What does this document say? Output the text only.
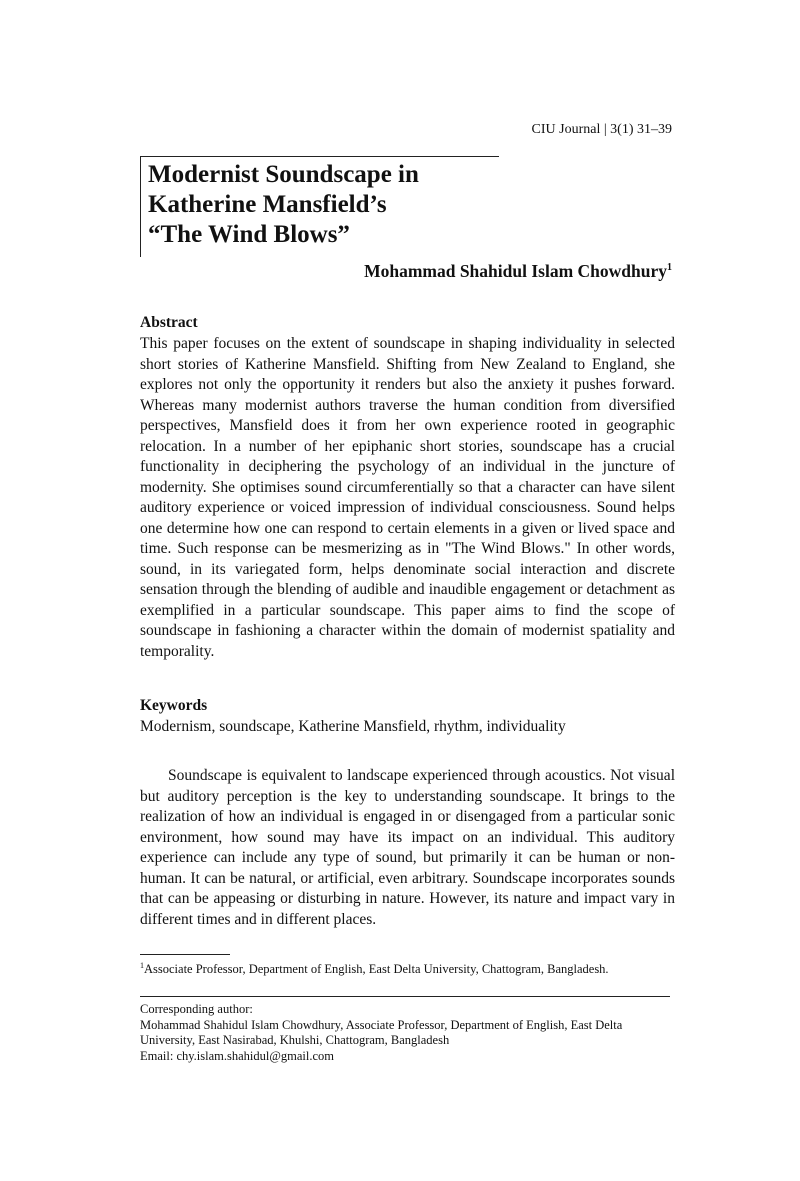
CIU Journal | 3(1) 31–39
Modernist Soundscape in
Katherine Mansfield’s
“The Wind Blows”
Mohammad Shahidul Islam Chowdhury$^1$
Abstract

This paper focuses on the extent of soundscape in shaping individuality in selected short stories of Katherine Mansfield. Shifting from New Zealand to England, she explores not only the opportunity it renders but also the anxiety it pushes forward. Whereas many modernist authors traverse the human condition from diversified perspectives, Mansfield does it from her own experience rooted in geographic relocation. In a number of her epiphanic short stories, soundscape has a crucial functionality in deciphering the psychology of an individual in the juncture of modernity. She optimises sound circumferentially so that a character can have silent auditory experience or voiced impression of individual consciousness. Sound helps one determine how one can respond to certain elements in a given or lived space and time. Such response can be mesmerizing as in "The Wind Blows." In other words, sound, in its variegated form, helps denominate social interaction and discrete sensation through the blending of audible and inaudible engagement or detachment as exemplified in a particular soundscape. This paper aims to find the scope of soundscape in fashioning a character within the domain of modernist spatiality and temporality.

Keywords
Modernism, soundscape, Katherine Mansfield, rhythm, individuality

Soundscape is equivalent to landscape experienced through acoustics. Not visual but auditory perception is the key to understanding soundscape. It brings to the realization of how an individual is engaged in or disengaged from a particular sonic environment, how sound may have its impact on an individual. This auditory experience can include any type of sound, but primarily it can be human or non-human. It can be natural, or artificial, even arbitrary. Soundscape incorporates sounds that can be appeasing or disturbing in nature. However, its nature and impact vary in different times and in different places.

$^1$Associate Professor, Department of English, East Delta University, Chattogram, Bangladesh.
Corresponding author:
Mohammad Shahidul Islam Chowdhury, Associate Professor, Department of English, East Delta
University, East Nasirabad, Khulshi, Chattogram, Bangladesh
Email: chy.islam.shahidul@gmail.com
